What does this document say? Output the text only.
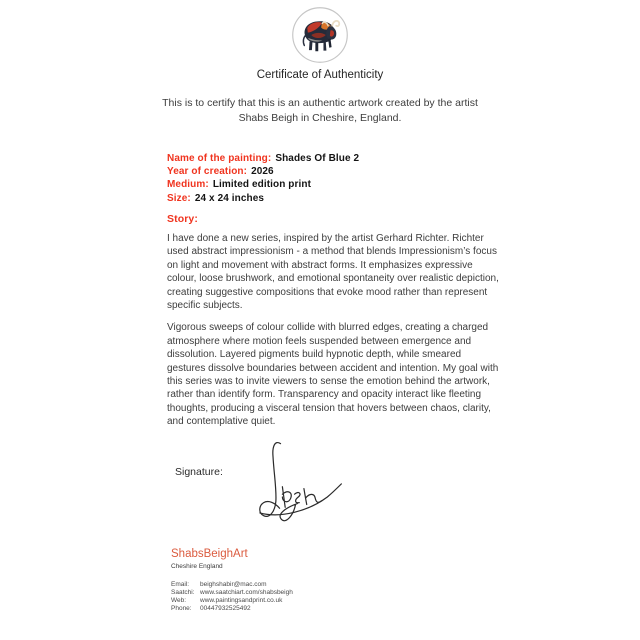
Certificate of Authenticity

This is to certify that this is an authentic artwork created by the artist
Shabs Beigh in Cheshire, England.

Name of the painting: Shades Of Blue 2
Year of creation: 2026
Medium: Limited edition print
Size: 24 x 24 inches
Story:

I have done a new series, inspired by the artist Gerhard Richter. Richter used abstract impressionism - a method that blends Impressionism’s focus on light and movement with abstract forms. It emphasizes expressive colour, loose brushwork, and emotional spontaneity over realistic depiction, creating suggestive compositions that evoke mood rather than represent specific subjects.

Vigorous sweeps of colour collide with blurred edges, creating a charged atmosphere where motion feels suspended between emergence and dissolution. Layered pigments build hypnotic depth, while smeared gestures dissolve boundaries between accident and intention. My goal with this series was to invite viewers to sense the emotion behind the artwork, rather than identify form. Transparency and opacity interact like fleeting thoughts, producing a visceral tension that hovers between chaos, clarity, and contemplative quiet.

Signature:
ShabsBeighArt
Cheshire England
Email:	beighshabir@mac.com
Saatchi: www.saatchiart.com/shabsbeigh
Web:	www.paintingsandprint.co.uk
Phone:	00447932525492
